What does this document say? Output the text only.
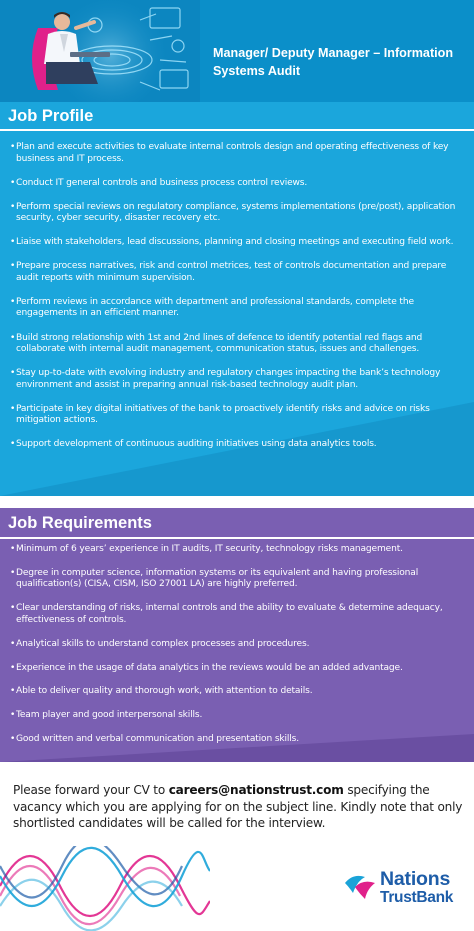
Manager/ Deputy Manager – Information
Systems Audit
Job Profile
• Plan and execute activities to evaluate internal controls design and operating effectiveness of key business and IT process.
• Conduct IT general controls and business process control reviews.
• Perform special reviews on regulatory compliance, systems implementations (pre/post), application security, cyber security, disaster recovery etc.
• Liaise with stakeholders, lead discussions, planning and closing meetings and executing field work.
• Prepare process narratives, risk and control metrices, test of controls documentation and prepare audit reports with minimum supervision.
• Perform reviews in accordance with department and professional standards, complete the engagements in an efficient manner.
• Build strong relationship with 1st and 2nd lines of defence to identify potential red flags and collaborate with internal audit management, communication status, issues and challenges.
• Stay up-to-date with evolving industry and regulatory changes impacting the bank’s technology environment and assist in preparing annual risk-based technology audit plan.
• Participate in key digital initiatives of the bank to proactively identify risks and advice on risks mitigation actions.
• Support development of continuous auditing initiatives using data analytics tools.
Job Requirements
• Minimum of 6 years’ experience in IT audits, IT security, technology risks management.
• Degree in computer science, information systems or its equivalent and having professional qualification(s) (CISA, CISM, ISO 27001 LA) are highly preferred.
• Clear understanding of risks, internal controls and the ability to evaluate & determine adequacy, effectiveness of controls.
• Analytical skills to understand complex processes and procedures.
• Experience in the usage of data analytics in the reviews would be an added advantage.
• Able to deliver quality and thorough work, with attention to details.
• Team player and good interpersonal skills.
• Good written and verbal communication and presentation skills.

Please forward your CV to careers@nationstrust.com specifying the vacancy which you are applying for on the subject line. Kindly note that only shortlisted candidates will be called for the interview.

Nations
TrustBank
